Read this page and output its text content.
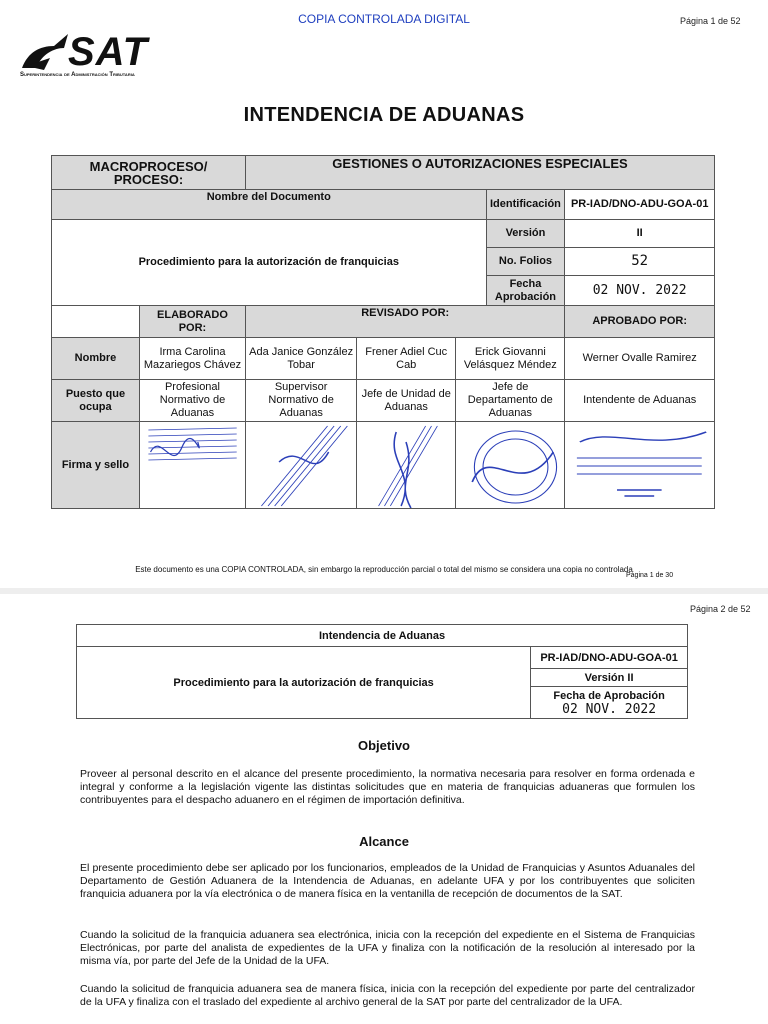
COPIA CONTROLADA DIGITAL	Página 1 de 52
SAT
Superintendencia de Administración Tributaria
INTENDENCIA DE ADUANAS
MACROPROCESO/ PROCESO:		GESTIONES O AUTORIZACIONES ESPECIALES				
Nombre del Documento					Identificación	PR-IAD/DNO-ADU-GOA-01
Procedimiento para la autorización de franquicias					Versión	II
					No. Folios	52
					Fecha Aprobación	02 NOV. 2022
	ELABORADO POR:	REVISADO POR:				APROBADO POR:
Nombre	Irma Carolina Mazariegos Chávez	Ada Janice González Tobar	Frener Adiel Cuc Cab	Erick Giovanni Velásquez Méndez		Werner Ovalle Ramirez
Puesto que ocupa	Profesional Normativo de Aduanas	Supervisor Normativo de Aduanas	Jefe de Unidad de Aduanas	Jefe de Departamento de Aduanas		Intendente de Aduanas
Firma y sello	

Este documento es una COPIA CONTROLADA, sin embargo la reproducción parcial o total del mismo se considera una copia no controlada
Página 1 de 30
Página 2 de 52
Intendencia de Aduanas
Procedimiento para la autorización de franquicias	PR-IAD/DNO-ADU-GOA-01
Versión II

Fecha de Aprobación
02 NOV. 2022
Objetivo
Proveer al personal descrito en el alcance del presente procedimiento, la normativa necesaria para resolver en forma ordenada e integral y conforme a la legislación vigente las distintas solicitudes que en materia de franquicias aduaneras que formulen los contribuyentes para el despacho aduanero en el régimen de importación definitiva.
Alcance
El presente procedimiento debe ser aplicado por los funcionarios, empleados de la Unidad de Franquicias y Asuntos Aduanales del Departamento de Gestión Aduanera de la Intendencia de Aduanas, en adelante UFA y por los contribuyentes que soliciten franquicia aduanera por la vía electrónica o de manera física en la ventanilla de recepción de documentos de la SAT.
Cuando la solicitud de la franquicia aduanera sea electrónica, inicia con la recepción del expediente en el Sistema de Franquicias Electrónicas, por parte del analista de expedientes de la UFA y finaliza con la notificación de la resolución al interesado por la misma vía, por parte del Jefe de la Unidad de la UFA.
Cuando la solicitud de franquicia aduanera sea de manera física, inicia con la recepción del expediente por parte del centralizador de la UFA y finaliza con el traslado del expediente al archivo general de la SAT por parte del centralizador de la UFA.
